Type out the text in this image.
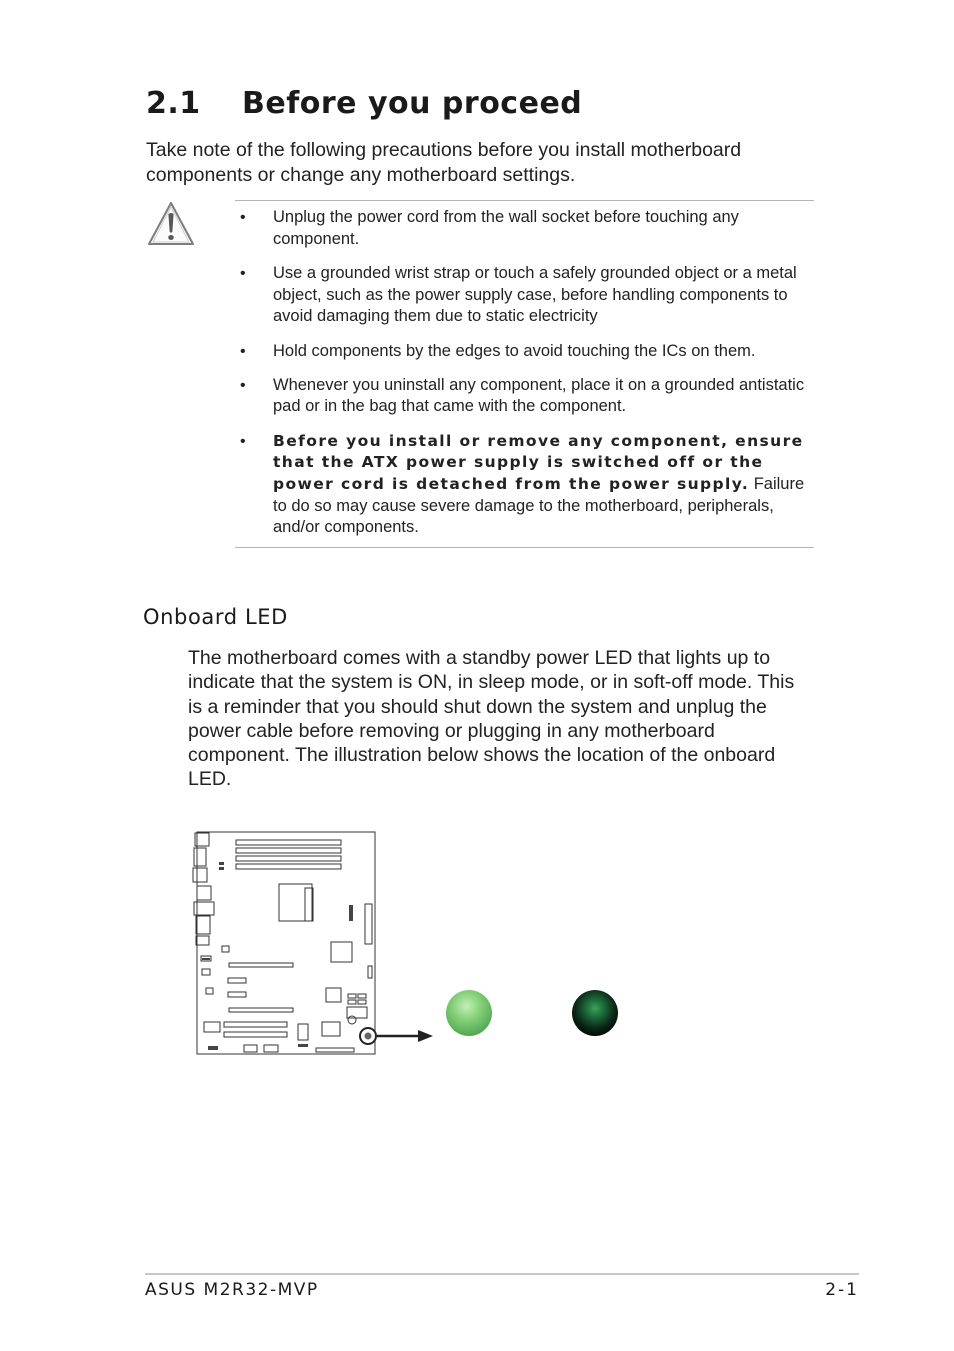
2.1 Before you proceed

Take note of the following precautions before you install motherboard components or change any motherboard settings.

• Unplug the power cord from the wall socket before touching any component.
• Use a grounded wrist strap or touch a safely grounded object or a metal object, such as the power supply case, before handling components to avoid damaging them due to static electricity
• Hold components by the edges to avoid touching the ICs on them.
• Whenever you uninstall any component, place it on a grounded antistatic pad or in the bag that came with the component.
• Before you install or remove any component, ensure that the ATX power supply is switched off or the power cord is detached from the power supply. Failure to do so may cause severe damage to the motherboard, peripherals, and/or components.
Onboard LED

The motherboard comes with a standby power LED that lights up to indicate that the system is ON, in sleep mode, or in soft-off mode. This is a reminder that you should shut down the system and unplug the power cable before removing or plugging in any motherboard component. The illustration below shows the location of the onboard LED.

ASUS M2R32-MVP	2-1
